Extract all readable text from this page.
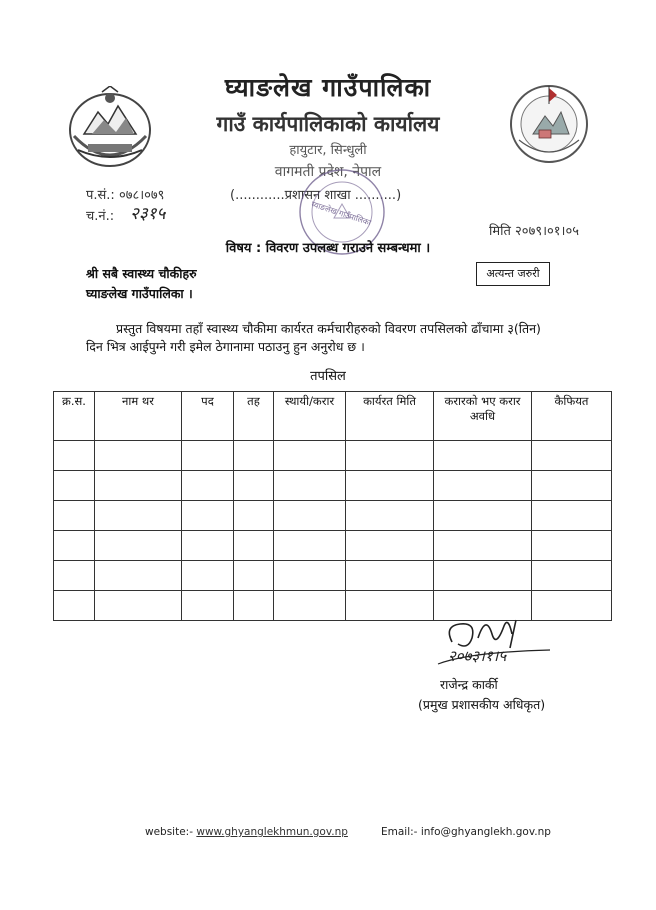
घ्याङलेख गाउँपालिका
गाउँ कार्यपालिकाको कार्यालय
हायुटार, सिन्धुली
वागमती प्रदेश, नेपाल
प.सं.: ०७८।०७९
च.नं.: २३१५
(............प्रशासन शाखा ..........)
मिति २०७९।०१।०५
घ्याङलेख गाउँपालिका
विषय : विवरण उपलब्ध गराउने सम्बन्धमा ।
श्री सबै स्वास्थ्य चौकीहरु
घ्याङलेख गाउँपालिका ।
अत्यन्त जरुरी
प्रस्तुत विषयमा तहाँ स्वास्थ्य चौकीमा कार्यरत कर्मचारीहरुको विवरण तपसिलको ढाँचामा ३(तिन)
दिन भित्र आईपुग्ने गरी इमेल ठेगानामा पठाउनु हुन अनुरोध छ ।
तपसिल
क्र.स.	नाम थर	पद	तह	स्थायी/करार	कार्यरत मिति	करारको भए करार अवधि	कैफियत

२०७३।१।५
राजेन्द्र कार्की
(प्रमुख प्रशासकीय अधिकृत)
website:- www.ghyanglekhmun.gov.np	Email:- info@ghyanglekh.gov.np
